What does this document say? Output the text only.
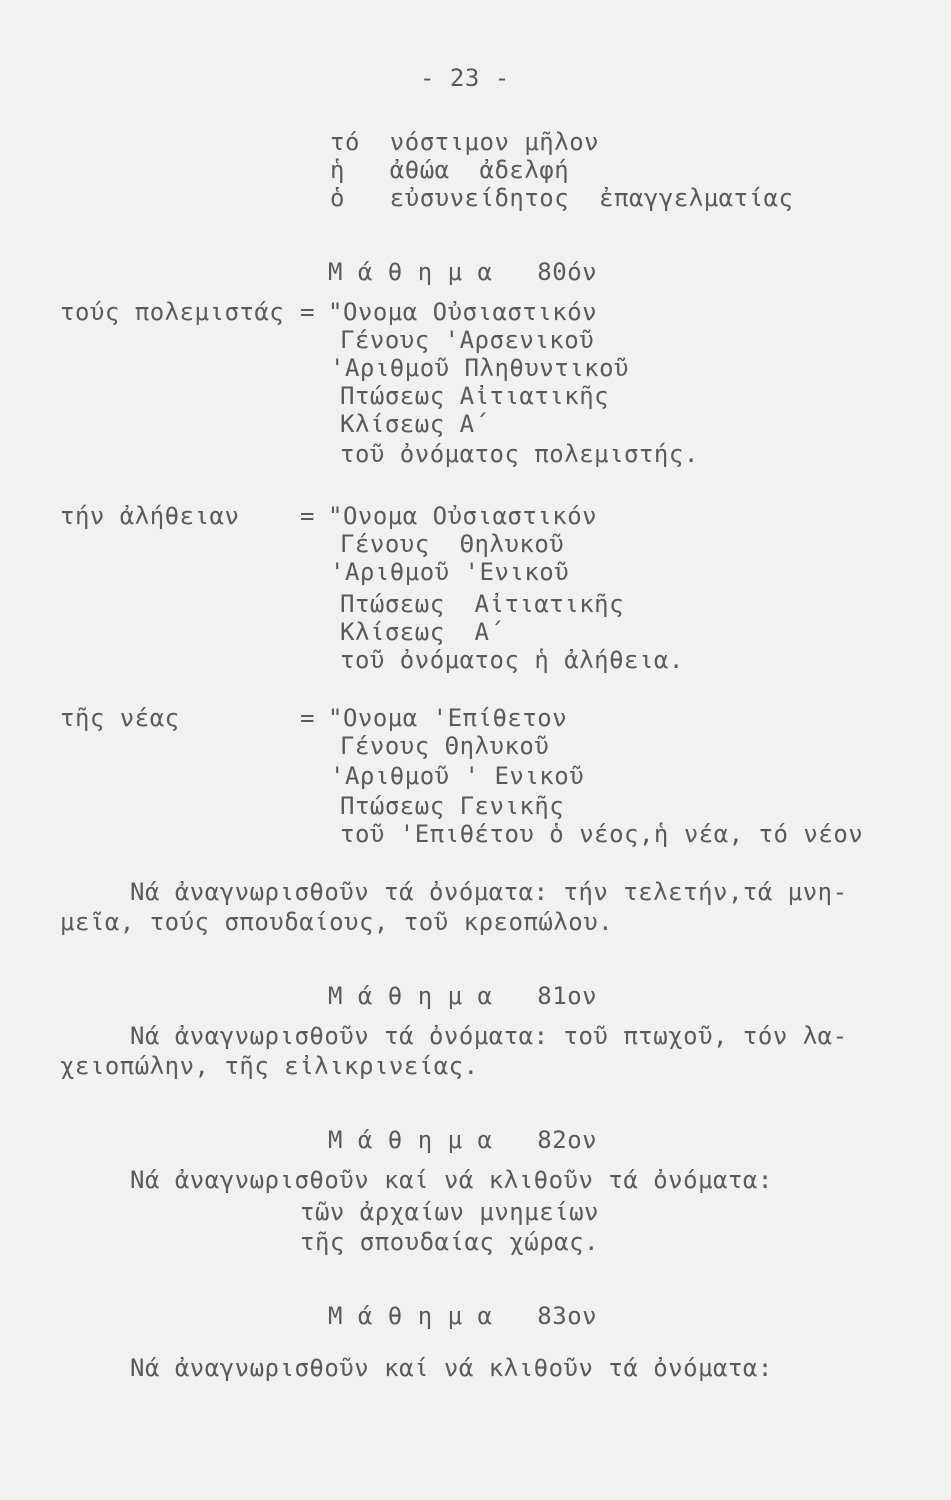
- 23 -
τό  νόστιμον μῆλον
ἡ   ἀθώα  ἀδελφή
ὁ   εὐσυνείδητος  ἐπαγγελματίας
Μ ά θ η μ α   80όν
τούς πολεμιστάς = "Ονομα Οὐσιαστικόν
Γένους 'Αρσενικοῦ
'Αριθμοῦ Πληθυντικοῦ
Πτώσεως Αἰτιατικῆς
Κλίσεως Α΄
τοῦ ὀνόματος πολεμιστής.
τήν ἀλήθειαν	= "Ονομα Οὐσιαστικόν
Γένους  Θηλυκοῦ
'Αριθμοῦ 'Ενικοῦ
Πτώσεως  Αἰτιατικῆς
Κλίσεως  Α΄
τοῦ ὀνόματος ἡ ἀλήθεια.
τῆς νέας	= "Ονομα 'Επίθετον
Γένους Θηλυκοῦ
'Αριθμοῦ ' Ενικοῦ
Πτώσεως Γενικῆς
τοῦ 'Επιθέτου ὁ νέος,ἡ νέα, τό νέον
Νά ἀναγνωρισθοῦν τά ὀνόματα: τήν τελετήν,τά μνη-
μεῖα, τούς σπουδαίους, τοῦ κρεοπώλου.
Μ ά θ η μ α   81ον
Νά ἀναγνωρισθοῦν τά ὀνόματα: τοῦ πτωχοῦ, τόν λα-
χειοπώλην, τῆς εἰλικρινείας.
Μ ά θ η μ α   82ον
Νά ἀναγνωρισθοῦν καί νά κλιθοῦν τά ὀνόματα:
τῶν ἀρχαίων μνημείων
τῆς σπουδαίας χώρας.
Μ ά θ η μ α   83ον
Νά ἀναγνωρισθοῦν καί νά κλιθοῦν τά ὀνόματα:
